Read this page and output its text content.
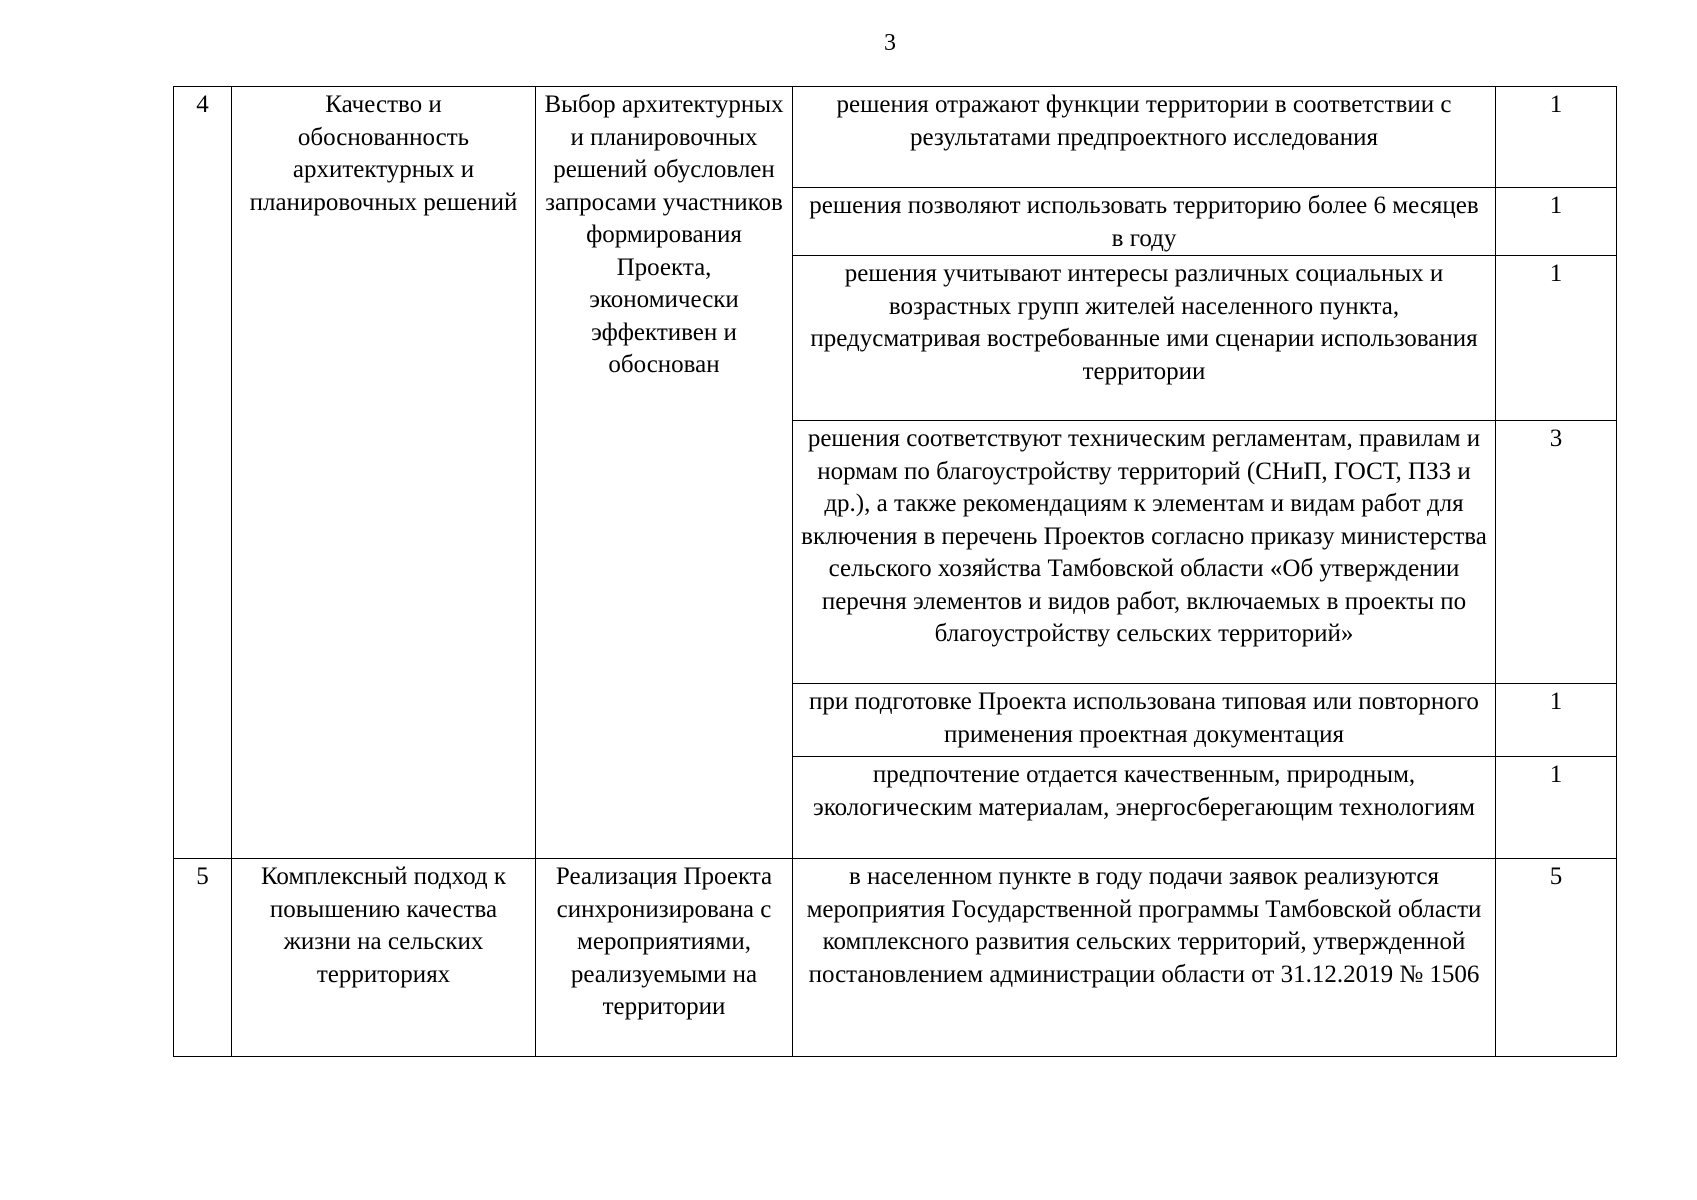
3
4	Качество и обоснованность архитектурных и планировочных решений	Выбор архитектурных и планировочных решений обусловлен запросами участников формирования Проекта, экономически эффективен и обоснован	решения отражают функции территории в соответствии с результатами предпроектного исследования	1
			решения позволяют использовать территорию более 6 месяцев в году	1
			решения учитывают интересы различных социальных и возрастных групп жителей населенного пункта, предусматривая востребованные ими сценарии использования территории	1
			решения соответствуют техническим регламентам, правилам и нормам по благоустройству территорий (СНиП, ГОСТ, ПЗЗ и др.), а также рекомендациям к элементам и видам работ для включения в перечень Проектов согласно приказу министерства сельского хозяйства Тамбовской области «Об утверждении перечня элементов и видов работ, включаемых в проекты по благоустройству сельских территорий»	3
			при подготовке Проекта использована типовая или повторного применения проектная документация	1
			предпочтение отдается качественным, природным, экологическим материалам, энергосберегающим технологиям	1
5	Комплексный подход к повышению качества жизни на сельских территориях	Реализация Проекта синхронизирована с мероприятиями, реализуемыми на территории	в населенном пункте в году подачи заявок реализуются мероприятия Государственной программы Тамбовской области комплексного развития сельских территорий, утвержденной постановлением администрации области от 31.12.2019 № 1506	5
